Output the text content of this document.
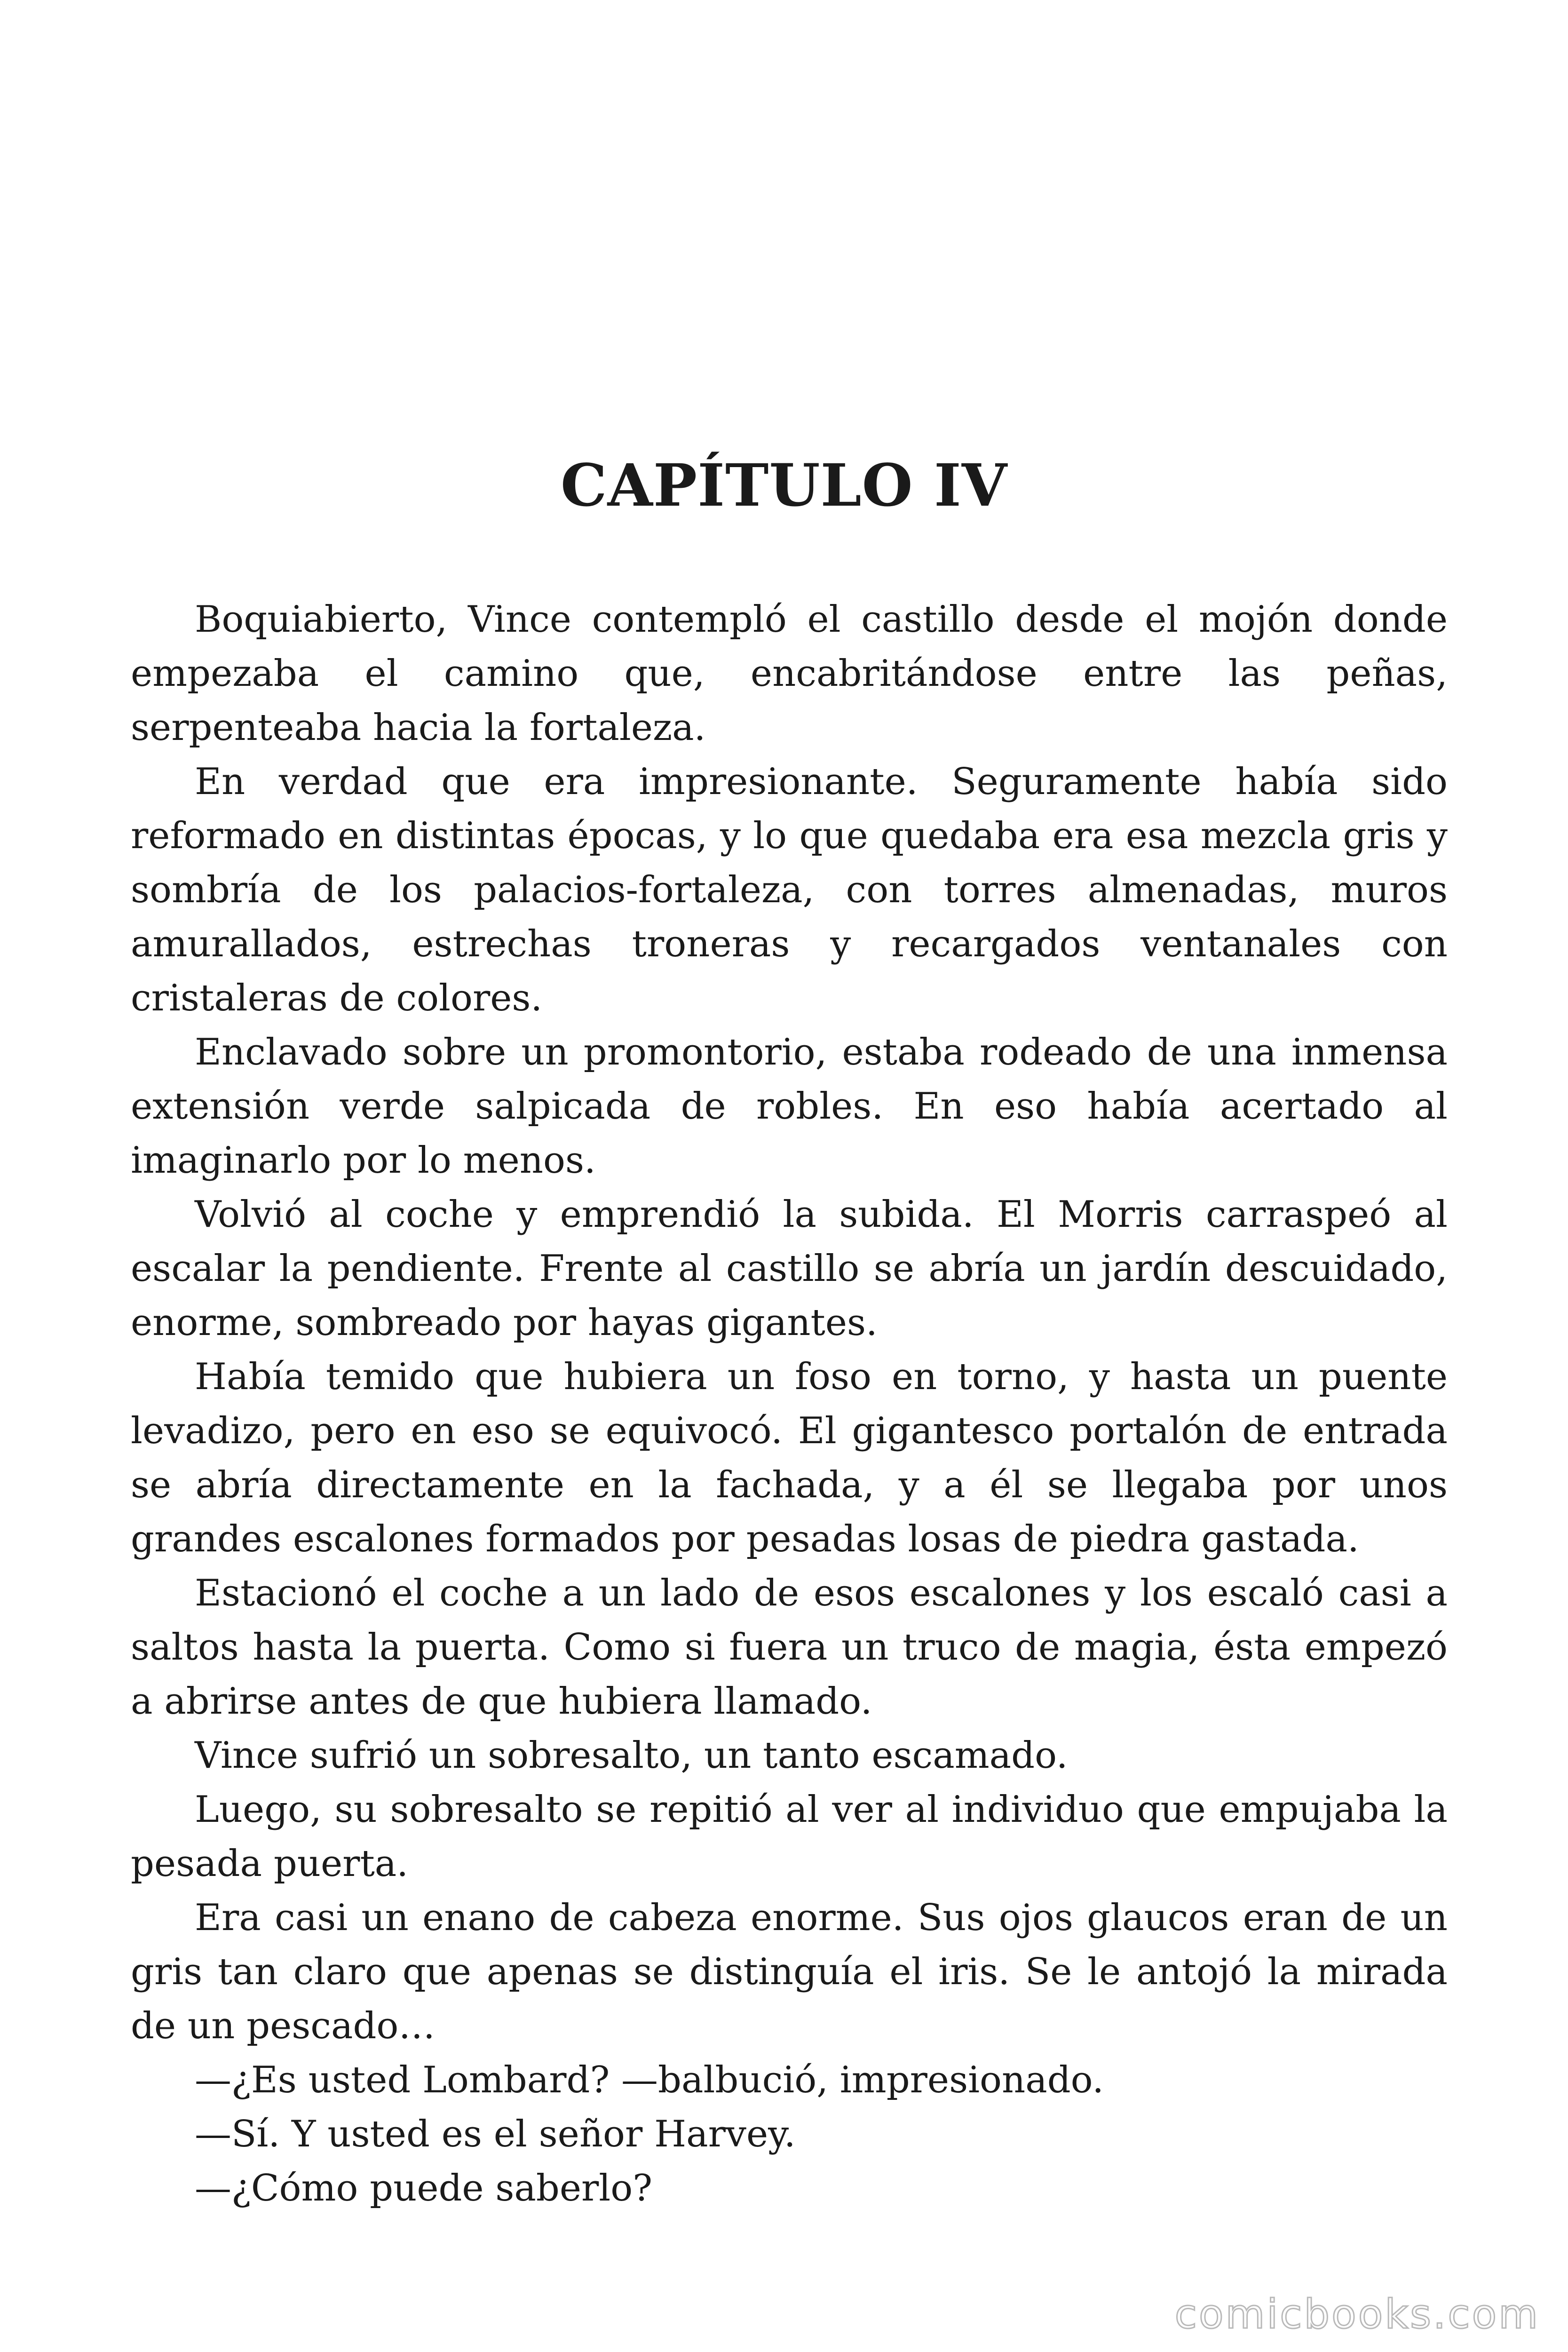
CAPÍTULO IV

Boquiabierto, Vince contempló el castillo desde el mojón donde empezaba el camino que, encabritándose entre las peñas, serpenteaba hacia la fortaleza.

En verdad que era impresionante. Seguramente había sido reformado en distintas épocas, y lo que quedaba era esa mezcla gris y sombría de los palacios-fortaleza, con torres almenadas, muros amurallados, estrechas troneras y recargados ventanales con cristaleras de colores.

Enclavado sobre un promontorio, estaba rodeado de una inmensa extensión verde salpicada de robles. En eso había acertado al imaginarlo por lo menos.

Volvió al coche y emprendió la subida. El Morris carraspeó al escalar la pendiente. Frente al castillo se abría un jardín descuidado, enorme, sombreado por hayas gigantes.

Había temido que hubiera un foso en torno, y hasta un puente levadizo, pero en eso se equivocó. El gigantesco portalón de entrada se abría directamente en la fachada, y a él se llegaba por unos grandes escalones formados por pesadas losas de piedra gastada.

Estacionó el coche a un lado de esos escalones y los escaló casi a saltos hasta la puerta. Como si fuera un truco de magia, ésta empezó a abrirse antes de que hubiera llamado.

Vince sufrió un sobresalto, un tanto escamado.

Luego, su sobresalto se repitió al ver al individuo que empujaba la pesada puerta.

Era casi un enano de cabeza enorme. Sus ojos glaucos eran de un gris tan claro que apenas se distinguía el iris. Se le antojó la mirada de un pescado…

—¿Es usted Lombard? —balbució, impresionado.

—Sí. Y usted es el señor Harvey.

—¿Cómo puede saberlo?

comicbooks.com
